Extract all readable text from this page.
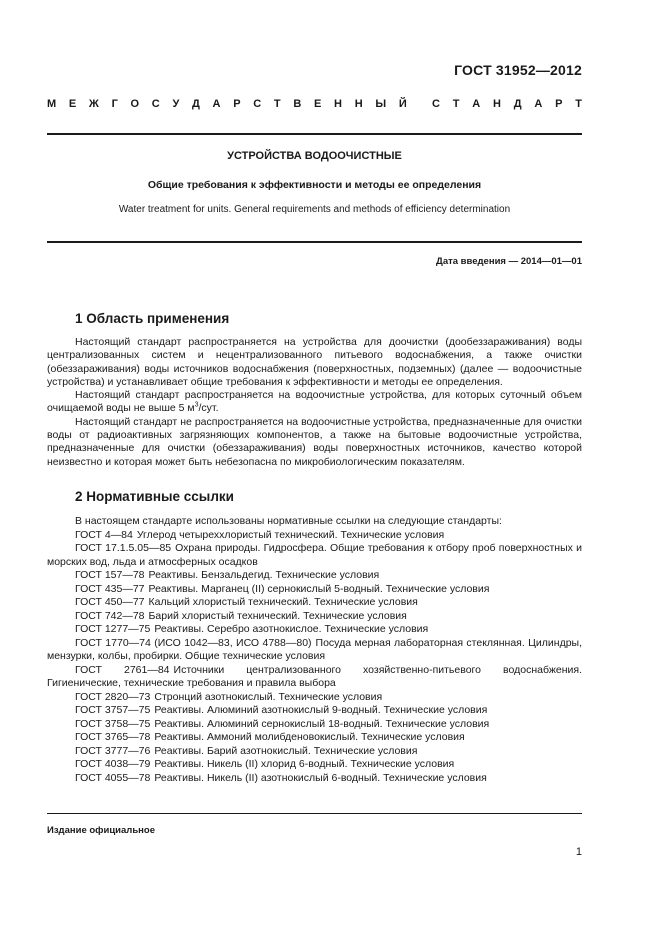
ГОСТ 31952—2012
М Е Ж Г О С У Д А Р С Т В Е Н Н Ы Й С Т А Н Д А Р Т
УСТРОЙСТВА ВОДООЧИСТНЫЕ
Общие требования к эффективности и методы ее определения
Water treatment for units. General requirements and methods of efficiency determination
Дата введения — 2014—01—01
1 Область применения

Настоящий стандарт распространяется на устройства для доочистки (дообеззараживания) воды централизованных систем и нецентрализованного питьевого водоснабжения, а также очистки (обеззараживания) воды источников водоснабжения (поверхностных, подземных) (далее — водоочистные устройства) и устанавливает общие требования к эффективности и методы ее определения.

Настоящий стандарт распространяется на водоочистные устройства, для которых суточный объем очищаемой воды не выше 5 $м^3$/сут.

Настоящий стандарт не распространяется на водоочистные устройства, предназначенные для очистки воды от радиоактивных загрязняющих компонентов, а также на бытовые водоочистные устройства, предназначенные для очистки (обеззараживания) воды поверхностных источников, качество которой неизвестно и которая может быть небезопасна по микробиологическим показателям.

2 Нормативные ссылки

В настоящем стандарте использованы нормативные ссылки на следующие стандарты:

ГОСТ 4—84 Углерод четыреххлористый технический. Технические условия

ГОСТ 17.1.5.05—85 Охрана природы. Гидросфера. Общие требования к отбору проб поверхностных и морских вод, льда и атмосферных осадков

ГОСТ 157—78 Реактивы. Бензальдегид. Технические условия

ГОСТ 435—77 Реактивы. Марганец (II) сернокислый 5-водный. Технические условия

ГОСТ 450—77 Кальций хлористый технический. Технические условия

ГОСТ 742—78 Барий хлористый технический. Технические условия

ГОСТ 1277—75 Реактивы. Серебро азотнокислое. Технические условия

ГОСТ 1770—74 (ИСО 1042—83, ИСО 4788—80) Посуда мерная лабораторная стеклянная. Цилиндры, мензурки, колбы, пробирки. Общие технические условия

ГОСТ 2761—84 Источники централизованного хозяйственно-питьевого водоснабжения. Гигиенические, технические требования и правила выбора

ГОСТ 2820—73 Стронций азотнокислый. Технические условия

ГОСТ 3757—75 Реактивы. Алюминий азотнокислый 9-водный. Технические условия

ГОСТ 3758—75 Реактивы. Алюминий сернокислый 18-водный. Технические условия

ГОСТ 3765—78 Реактивы. Аммоний молибденовокислый. Технические условия

ГОСТ 3777—76 Реактивы. Барий азотнокислый. Технические условия

ГОСТ 4038—79 Реактивы. Никель (II) хлорид 6-водный. Технические условия

ГОСТ 4055—78 Реактивы. Никель (II) азотнокислый 6-водный. Технические условия

Издание официальное
1
